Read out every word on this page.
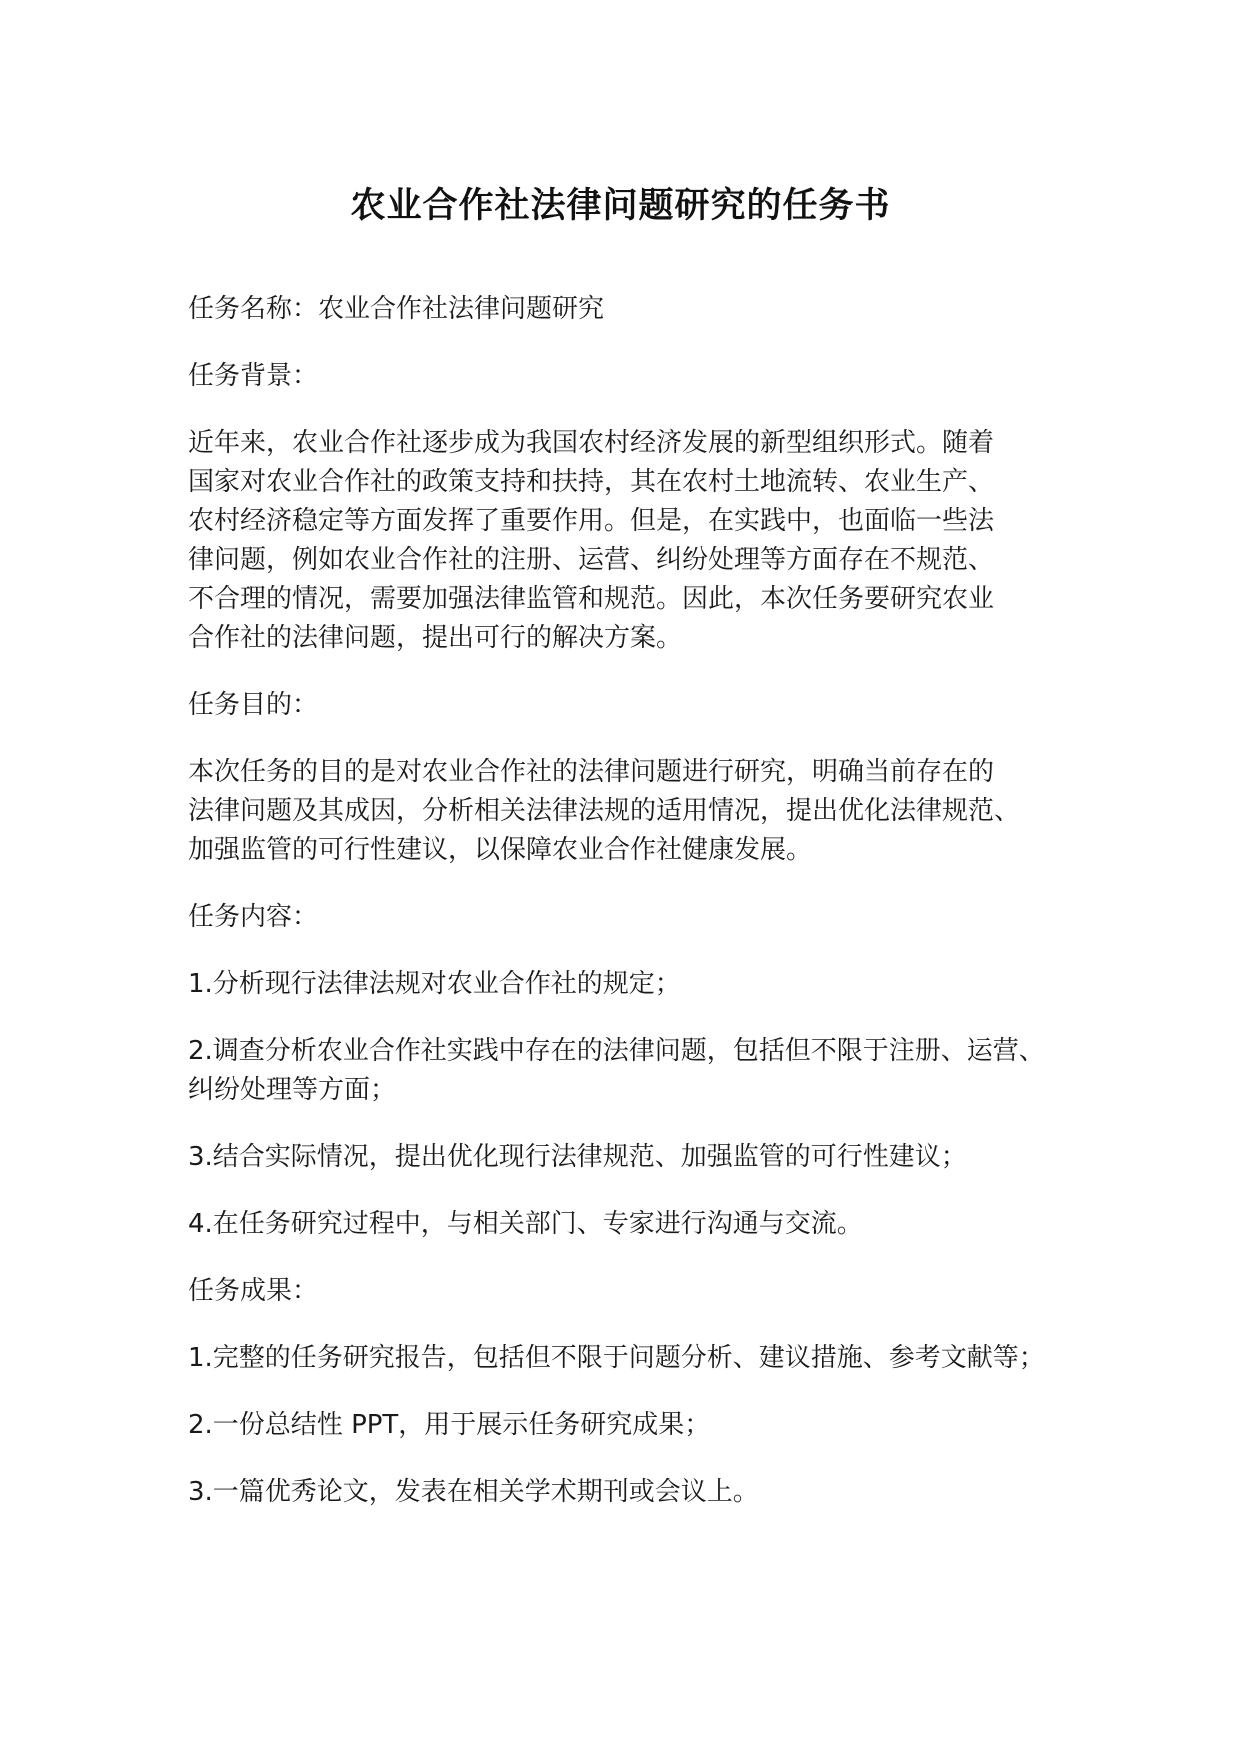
农业合作社法律问题研究的任务书

任务名称：农业合作社法律问题研究

任务背景：

近年来，农业合作社逐步成为我国农村经济发展的新型组织形式。随着
国家对农业合作社的政策支持和扶持，其在农村土地流转、农业生产、
农村经济稳定等方面发挥了重要作用。但是，在实践中，也面临一些法
律问题，例如农业合作社的注册、运营、纠纷处理等方面存在不规范、
不合理的情况，需要加强法律监管和规范。因此，本次任务要研究农业
合作社的法律问题，提出可行的解决方案。

任务目的：

本次任务的目的是对农业合作社的法律问题进行研究，明确当前存在的
法律问题及其成因，分析相关法律法规的适用情况，提出优化法律规范、
加强监管的可行性建议，以保障农业合作社健康发展。

任务内容：

1.分析现行法律法规对农业合作社的规定；

2.调查分析农业合作社实践中存在的法律问题，包括但不限于注册、运营、
纠纷处理等方面；

3.结合实际情况，提出优化现行法律规范、加强监管的可行性建议；

4.在任务研究过程中，与相关部门、专家进行沟通与交流。

任务成果：

1.完整的任务研究报告，包括但不限于问题分析、建议措施、参考文献等；

2.一份总结性 PPT，用于展示任务研究成果；

3.一篇优秀论文，发表在相关学术期刊或会议上。
